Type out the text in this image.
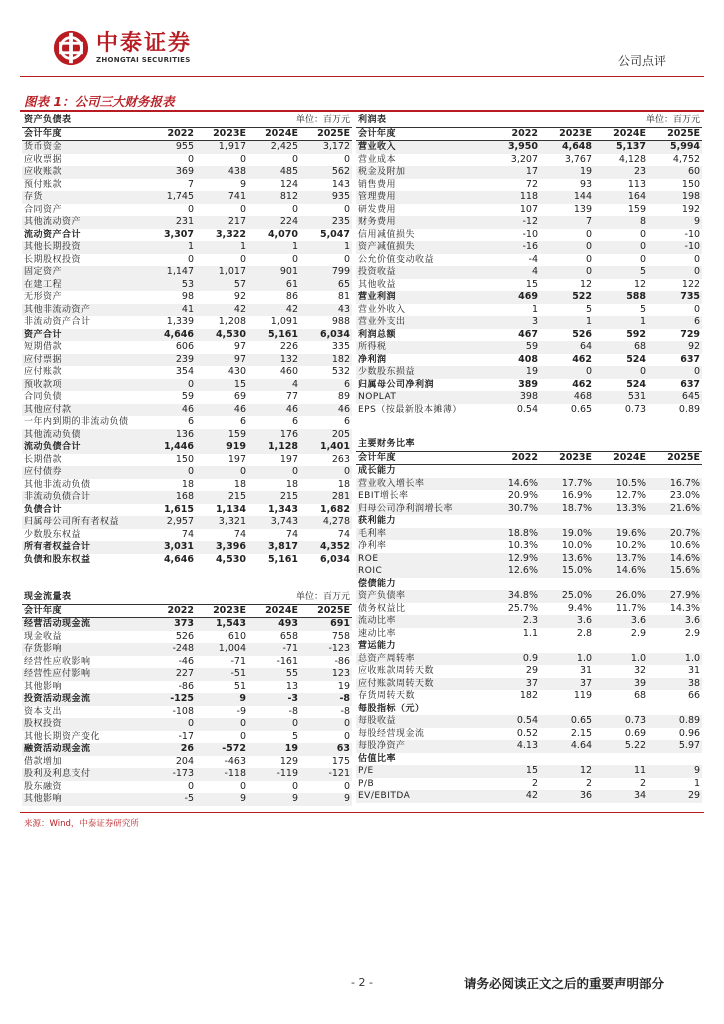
中泰证券
ZHONGTAI SECURITIES	公司点评
图表 1：公司三大财务报表
资产负债表			单位：百万元	
会计年度	2022	2023E	2024E	2025E
货币资金	955	1,917	2,425	3,172
应收票据	0	0	0	0
应收账款	369	438	485	562
预付账款	7	9	124	143
存货	1,745	741	812	935
合同资产	0	0	0	0
其他流动资产	231	217	224	235
流动资产合计	3,307	3,322	4,070	5,047
其他长期投资	1	1	1	1
长期股权投资	0	0	0	0
固定资产	1,147	1,017	901	799
在建工程	53	57	61	65
无形资产	98	92	86	81
其他非流动资产	41	42	42	43
非流动资产合计	1,339	1,208	1,091	988
资产合计	4,646	4,530	5,161	6,034
短期借款	606	97	226	335
应付票据	239	97	132	182
应付账款	354	430	460	532
预收款项	0	15	4	6
合同负债	59	69	77	89
其他应付款	46	46	46	46
一年内到期的非流动负债	6	6	6	6
其他流动负债	136	159	176	205
流动负债合计	1,446	919	1,128	1,401
长期借款	150	197	197	263
应付债券	0	0	0	0
其他非流动负债	18	18	18	18
非流动负债合计	168	215	215	281
负债合计	1,615	1,134	1,343	1,682
归属母公司所有者权益	2,957	3,321	3,743	4,278
少数股东权益	74	74	74	74
所有者权益合计	3,031	3,396	3,817	4,352
负债和股东权益	4,646	4,530	5,161	6,034
现金流量表			单位：百万元	
会计年度	2022	2023E	2024E	2025E
经营活动现金流	373	1,543	493	691
现金收益	526	610	658	758
存货影响	-248	1,004	-71	-123
经营性应收影响	-46	-71	-161	-86
经营性应付影响	227	-51	55	123
其他影响	-86	51	13	19
投资活动现金流	-125	9	-3	-8
资本支出	-108	-9	-8	-8
股权投资	0	0	0	0
其他长期资产变化	-17	0	5	0
融资活动现金流	26	-572	19	63
借款增加	204	-463	129	175
股利及利息支付	-173	-118	-119	-121
股东融资	0	0	0	0
其他影响	-5	9	9	9
利润表			单位：百万元	
会计年度	2022	2023E	2024E	2025E
营业收入	3,950	4,648	5,137	5,994
营业成本	3,207	3,767	4,128	4,752
税金及附加	17	19	23	60
销售费用	72	93	113	150
管理费用	118	144	164	198
研发费用	107	139	159	192
财务费用	-12	7	8	9
信用减值损失	-10	0	0	-10
资产减值损失	-16	0	0	-10
公允价值变动收益	-4	0	0	0
投资收益	4	0	5	0
其他收益	15	12	12	122
营业利润	469	522	588	735
营业外收入	1	5	5	0
营业外支出	3	1	1	6
利润总额	467	526	592	729
所得税	59	64	68	92
净利润	408	462	524	637
少数股东损益	19	0	0	0
归属母公司净利润	389	462	524	637
NOPLAT	398	468	531	645
EPS（按最新股本摊薄）	0.54	0.65	0.73	0.89
主要财务比率				
会计年度	2022	2023E	2024E	2025E
成长能力				
营业收入增长率	14.6%	17.7%	10.5%	16.7%
EBIT增长率	20.9%	16.9%	12.7%	23.0%
归母公司净利润增长率	30.7%	18.7%	13.3%	21.6%
获利能力				
毛利率	18.8%	19.0%	19.6%	20.7%
净利率	10.3%	10.0%	10.2%	10.6%
ROE	12.9%	13.6%	13.7%	14.6%
ROIC	12.6%	15.0%	14.6%	15.6%
偿债能力				
资产负债率	34.8%	25.0%	26.0%	27.9%
债务权益比	25.7%	9.4%	11.7%	14.3%
流动比率	2.3	3.6	3.6	3.6
速动比率	1.1	2.8	2.9	2.9
营运能力				
总资产周转率	0.9	1.0	1.0	1.0
应收账款周转天数	29	31	32	31
应付账款周转天数	37	37	39	38
存货周转天数	182	119	68	66
每股指标（元）				
每股收益	0.54	0.65	0.73	0.89
每股经营现金流	0.52	2.15	0.69	0.96
每股净资产	4.13	4.64	5.22	5.97
估值比率				
P/E	15	12	11	9
P/B	2	2	2	1
EV/EBITDA	42	36	34	29
来源：Wind，中泰证券研究所
- 2 -	请务必阅读正文之后的重要声明部分
